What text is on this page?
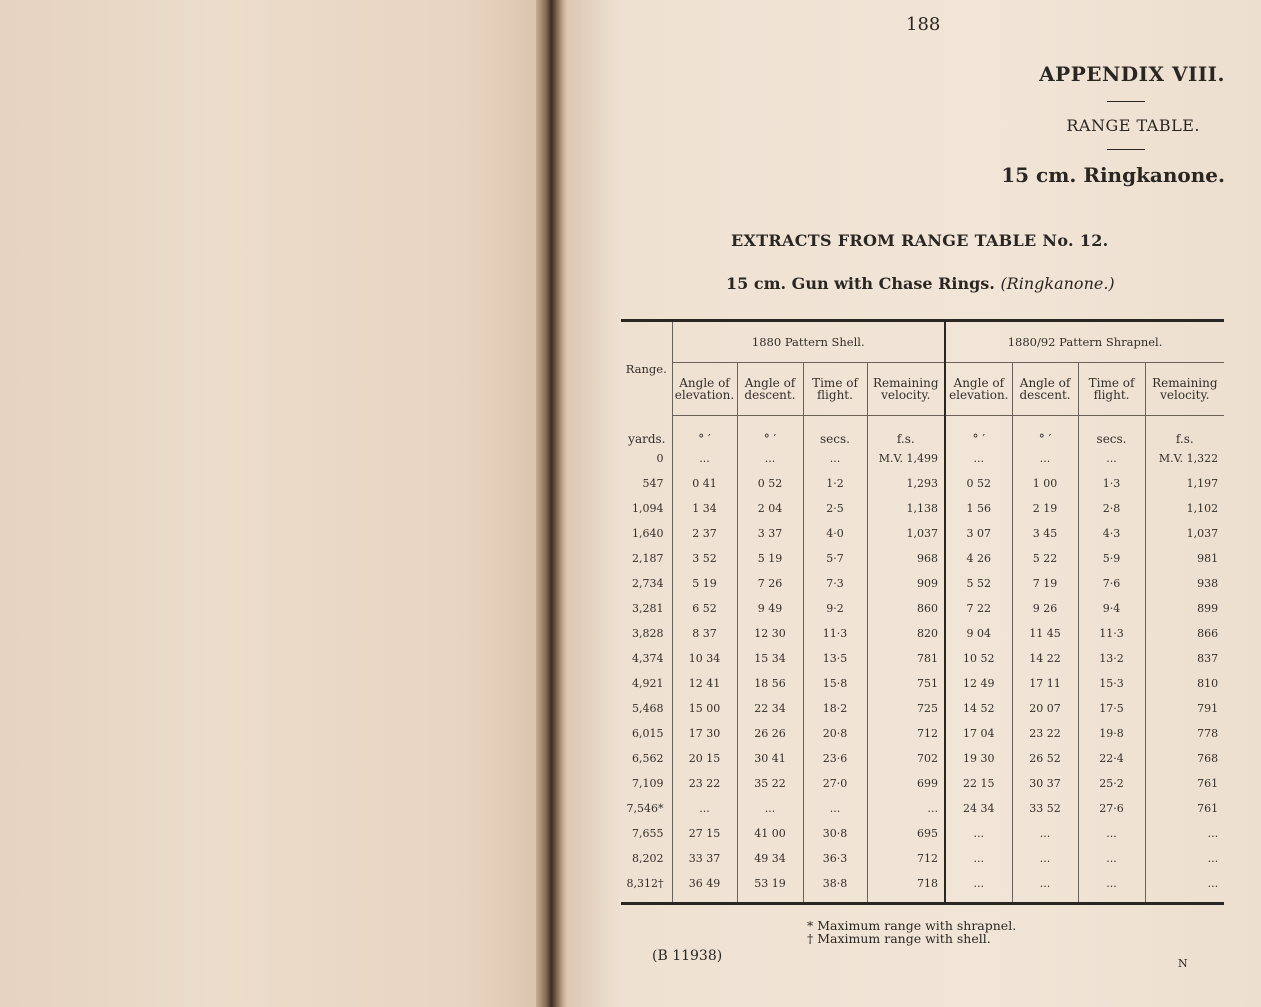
188
APPENDIX VIII.
RANGE TABLE.
15 cm. Ringkanone.
EXTRACTS FROM RANGE TABLE No. 12.
15 cm. Gun with Chase Rings. (Ringkanone.)
Range.	1880 Pattern Shell.				1880/92 Pattern Shrapnel.			
	Angle of
elevation.	Angle of
descent.	Time of
flight.	Remaining
velocity.	Angle of
elevation.	Angle of
descent.	Time of
flight.	Remaining
velocity.
yards.	° ′	° ′	secs.	f.s.	° ′	° ′	secs.	f.s.
0	...	...	...	M.V. 1,499	...	...	...	M.V. 1,322
547	0 41	0 52	1·2	1,293	0 52	1 00	1·3	1,197
1,094	1 34	2 04	2·5	1,138	1 56	2 19	2·8	1,102
1,640	2 37	3 37	4·0	1,037	3 07	3 45	4·3	1,037
2,187	3 52	5 19	5·7	968	4 26	5 22	5·9	981
2,734	5 19	7 26	7·3	909	5 52	7 19	7·6	938
3,281	6 52	9 49	9·2	860	7 22	9 26	9·4	899
3,828	8 37	12 30	11·3	820	9 04	11 45	11·3	866
4,374	10 34	15 34	13·5	781	10 52	14 22	13·2	837
4,921	12 41	18 56	15·8	751	12 49	17 11	15·3	810
5,468	15 00	22 34	18·2	725	14 52	20 07	17·5	791
6,015	17 30	26 26	20·8	712	17 04	23 22	19·8	778
6,562	20 15	30 41	23·6	702	19 30	26 52	22·4	768
7,109	23 22	35 22	27·0	699	22 15	30 37	25·2	761
7,546*	...	...	...	...	24 34	33 52	27·6	761
7,655	27 15	41 00	30·8	695	...	...	...	...
8,202	33 37	49 34	36·3	712	...	...	...	...
8,312†	36 49	53 19	38·8	718	...	...	...	...
* Maximum range with shrapnel.
† Maximum range with shell.
(B 11938)	N
